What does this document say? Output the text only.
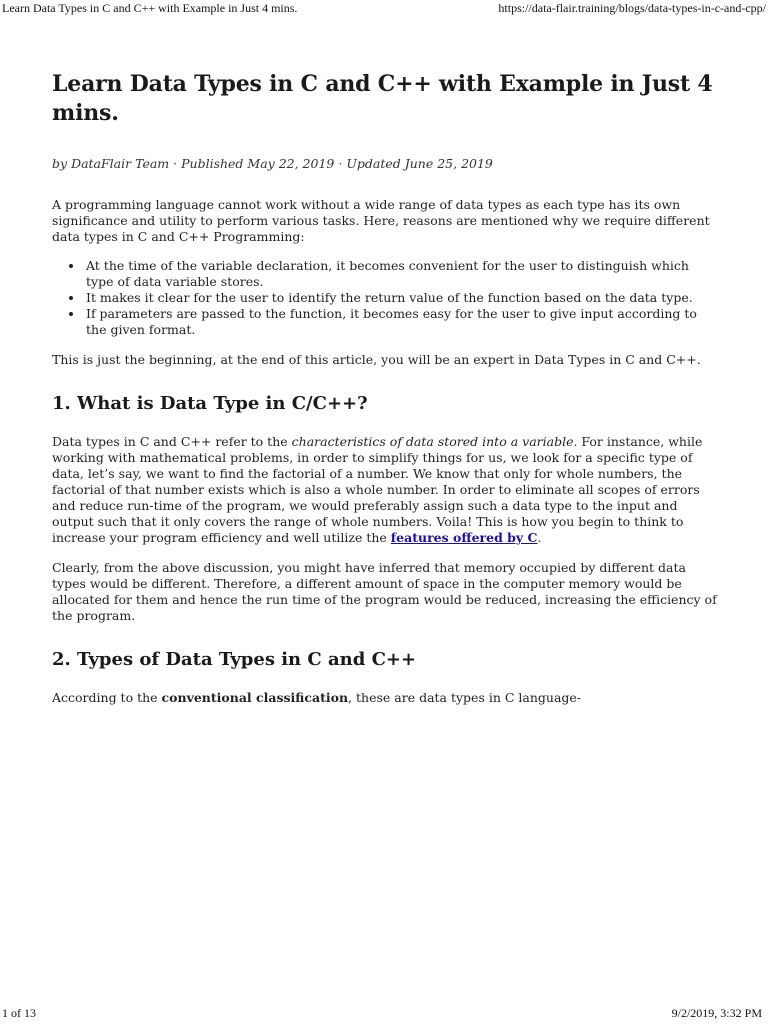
Learn Data Types in C and C++ with Example in Just 4 mins.	https://data-flair.training/blogs/data-types-in-c-and-cpp/
Learn Data Types in C and C++ with Example in Just 4 mins.
by DataFlair Team · Published May 22, 2019 · Updated June 25, 2019

A programming language cannot work without a wide range of data types as each type has its own significance and utility to perform various tasks. Here, reasons are mentioned why we require different data types in C and C++ Programming:

• At the time of the variable declaration, it becomes convenient for the user to distinguish which type of data variable stores.
• It makes it clear for the user to identify the return value of the function based on the data type.
• If parameters are passed to the function, it becomes easy for the user to give input according to the given format.

This is just the beginning, at the end of this article, you will be an expert in Data Types in C and C++.

1. What is Data Type in C/C++?

Data types in C and C++ refer to the characteristics of data stored into a variable. For instance, while working with mathematical problems, in order to simplify things for us, we look for a specific type of data, let’s say, we want to find the factorial of a number. We know that only for whole numbers, the factorial of that number exists which is also a whole number. In order to eliminate all scopes of errors and reduce run-time of the program, we would preferably assign such a data type to the input and output such that it only covers the range of whole numbers. Voila! This is how you begin to think to increase your program efficiency and well utilize the features offered by C.

Clearly, from the above discussion, you might have inferred that memory occupied by different data types would be different. Therefore, a different amount of space in the computer memory would be allocated for them and hence the run time of the program would be reduced, increasing the efficiency of the program.

2. Types of Data Types in C and C++

According to the conventional classification, these are data types in C language-

1 of 13	9/2/2019, 3:32 PM
